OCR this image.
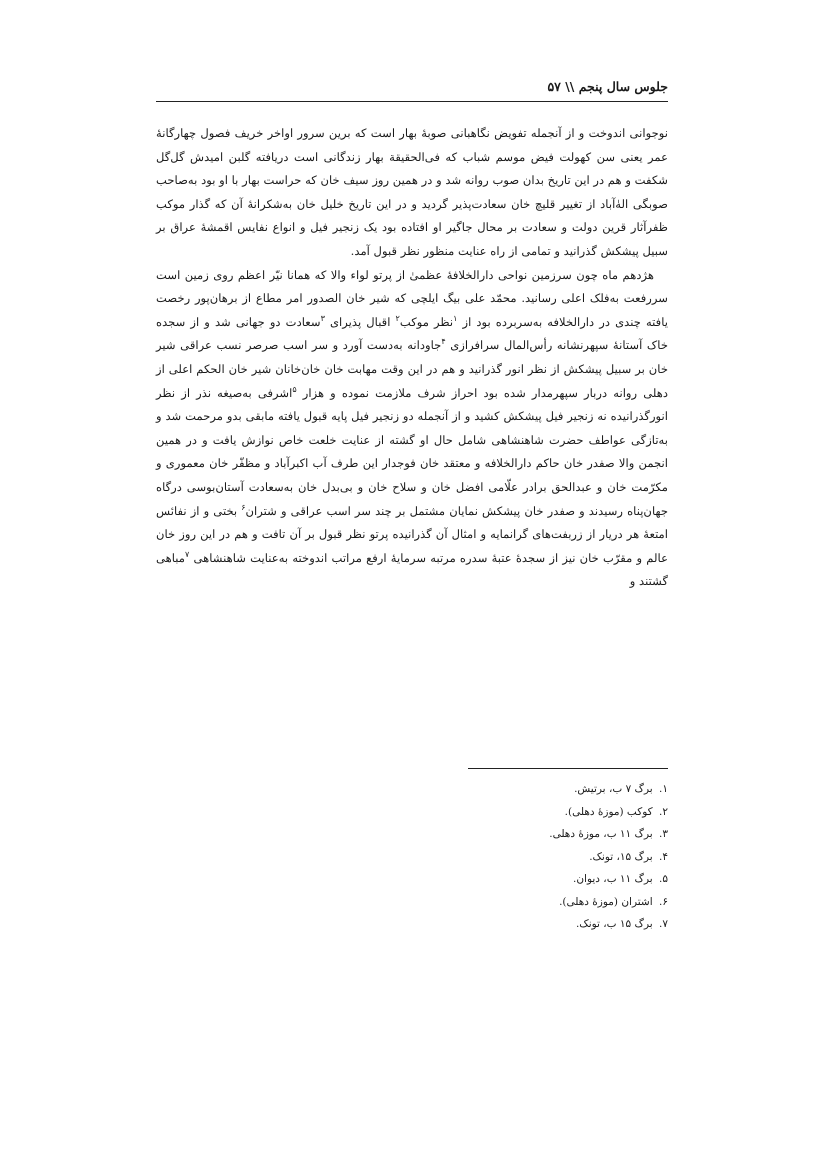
جلوس سال پنجم \\ ۵۷

نوجوانی اندوخت و از آنجمله تفویض نگاهبانی صوبهٔ بهار است که برین سرور اواخر خریف فصول چهارگانهٔ عمر یعنی سن کهولت فیض موسم شباب که فی‌الحقیقة بهار زندگانی است دریافته گلبن امیدش گل‌گل شکفت و هم در این تاریخ بدان صوب روانه شد و در همین روز سیف خان که حراست بهار با او بود به‌صاحب صوبگی الهٰ‌آباد از تغییر قلیچ خان سعادت‌پذیر گردید و در این تاریخ خلیل خان به‌شکرانهٔ آن که گذار موکب ظفرآثار قرین دولت و سعادت بر محال جاگیر او افتاده بود یک زنجیر فیل و انواع نفایس اقمشهٔ عراق بر سبیل پیشکش گذرانید و تمامی از راه عنایت منظور نظر قبول آمد.

هژدهم ماه چون سرزمین نواحی دارالخلافهٔ عظمیٰ از پرتو لواء والا که همانا نیّر اعظم روی زمین است سررفعت به‌فلک اعلی رسانید. محمّد علی بیگ ایلچی که شیر خان الصدور امر مطاع از برهان‌پور رخصت یافته چندی در دارالخلافه به‌سربرده بود از $^۱$نظر موکب$^۲$ اقبال پذیرای $^۳$سعادت دو جهانی شد و از سجده خاک آستانهٔ سپهرنشانه رأس‌المال سرافرازی $^۴$جاودانه به‌دست آورد و سر اسب صرصر نسب عراقی شیر خان بر سبیل پیشکش از نظر انور گذرانید و هم در این وقت مهابت خان خان‌خانان شیر خان الحکم اعلی از دهلی روانه دربار سپهرمدار شده بود احراز شرف ملازمت نموده و هزار $^۵$اشرفی به‌صیغه نذر از نظر انورگذرانیده نه زنجیر فیل پیشکش کشید و از آنجمله دو زنجیر فیل پایه قبول یافته مابقی بدو مرحمت شد و به‌تازگی عواطف حضرت شاهنشاهی شامل حال او گشته از عنایت خلعت خاص نوازش یافت و در همین انجمن والا صفدر خان حاکم دارالخلافه و معتقد خان فوجدار این طرف آب اکبرآباد و مظفّر خان معموری و مکرّمت خان و عبدالحق برادر علّامی افضل خان و سلاح خان و بی‌بدل خان به‌سعادت آستان‌بوسی درگاه جهان‌پناه رسیدند و صفدر خان پیشکش نمایان مشتمل بر چند سر اسب عراقی و شتران$^۶$ بختی و از نفائس امتعهٔ هر دریار از زربفت‌های گرانمایه و امثال آن گذرانیده پرتو نظر قبول بر آن تافت و هم در این روز خان عالم و مقرّب خان نیز از سجدهٔ عتبهٔ سدره مرتبه سرمایهٔ ارفع مراتب اندوخته به‌عنایت شاهنشاهی $^۷$مباهی گشتند و

۱. برگ ۷ ب، برتیش.
۲. کوکب (موزهٔ دهلی).
۳. برگ ۱۱ ب، موزهٔ دهلی.
۴. برگ ۱۵، تونک.
۵. برگ ۱۱ ب، دیوان.
۶. اشتران (موزهٔ دهلی).
۷. برگ ۱۵ ب، تونک.
